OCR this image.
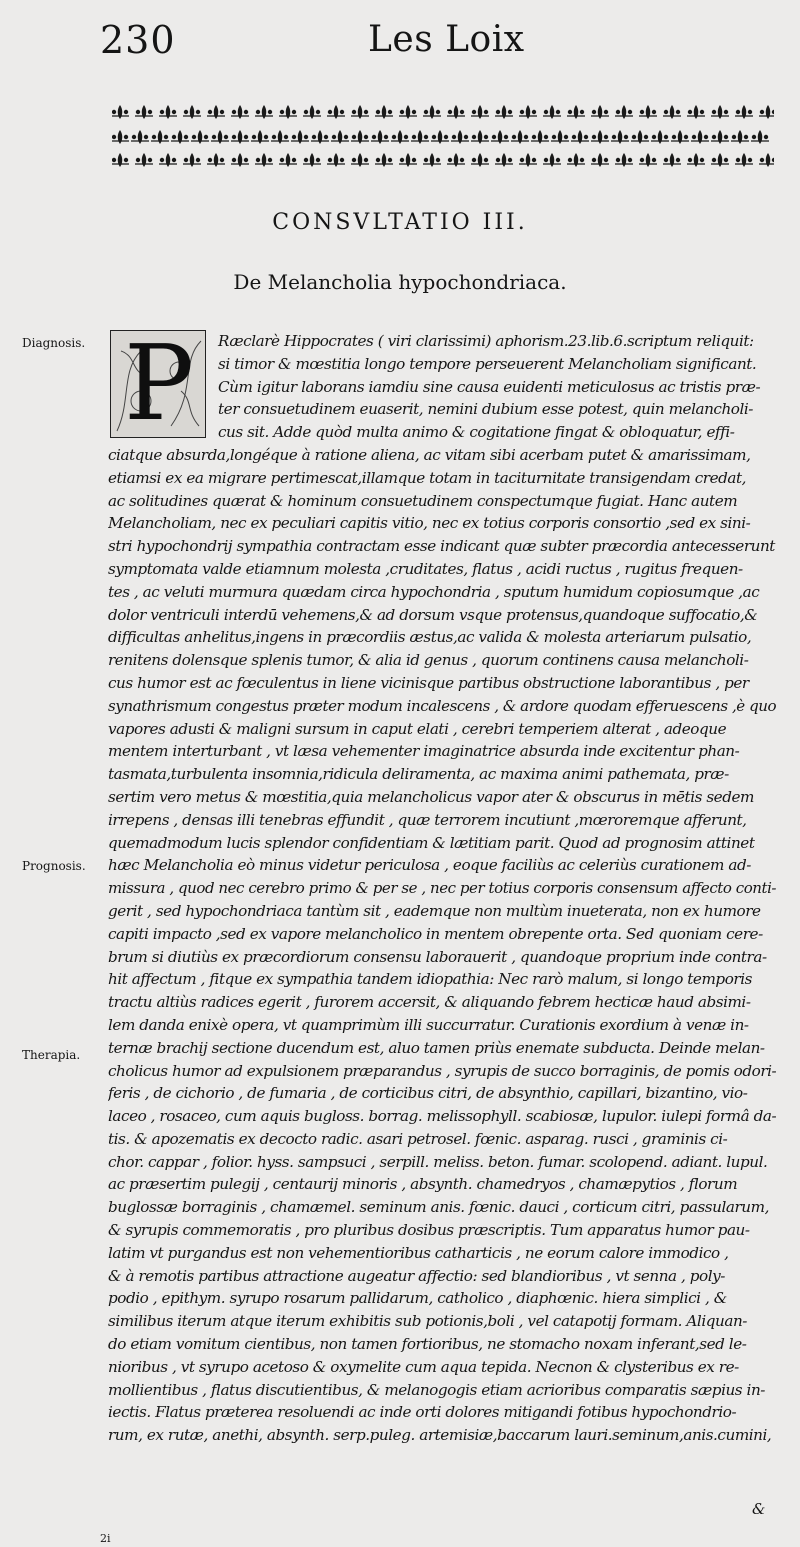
230	Les Loix
CONSVLTATIO III.
De Melancholia hypochondriaca.
Diagnosis.
Prognosis.
Therapia.
P	Ræclarè Hippocrates ( viri clarissimi) aphorism.23.lib.6.scriptum reliquit:
si timor & mœstitia longo tempore perseuerent Melancholiam significant.
Cùm igitur laborans iamdiu sine causa euidenti meticulosus ac tristis præ-
ter consuetudinem euaserit, nemini dubium esse potest, quin melancholi-
cus sit. Adde quòd multa animo & cogitatione fingat & obloquatur, effi-
ciatque absurda,longéque à ratione aliena, ac vitam sibi acerbam putet & amarissimam,
etiamsi ex ea migrare pertimescat,illamque totam in taciturnitate transigendam credat,
ac solitudines quærat & hominum consuetudinem conspectumque fugiat. Hanc autem
Melancholiam, nec ex peculiari capitis vitio, nec ex totius corporis consortio ,sed ex sini-
stri hypochondrij sympathia contractam esse indicant quæ subter præcordia antecesserunt
symptomata valde etiamnum molesta ,cruditates, flatus , acidi ructus , rugitus frequen-
tes , ac veluti murmura quædam circa hypochondria , sputum humidum copiosumque ,ac
dolor ventriculi interdū vehemens,& ad dorsum vsque protensus,quandoque suffocatio,&
difficultas anhelitus,ingens in præcordiis æstus,ac valida & molesta arteriarum pulsatio,
renitens dolensque splenis tumor, & alia id genus , quorum continens causa melancholi-
cus humor est ac fœculentus in liene vicinisque partibus obstructione laborantibus , per
synathrismum congestus præter modum incalescens , & ardore quodam efferuescens ,è quo
vapores adusti & maligni sursum in caput elati , cerebri temperiem alterat , adeoque
mentem interturbant , vt læsa vehementer imaginatrice absurda inde excitentur phan-
tasmata,turbulenta insomnia,ridicula deliramenta, ac maxima animi pathemata, præ-
sertim vero metus & mœstitia,quia melancholicus vapor ater & obscurus in mētis sedem
irrepens , densas illi tenebras effundit , quæ terrorem incutiunt ,mœroremque afferunt,
quemadmodum lucis splendor confidentiam & lætitiam parit. Quod ad prognosim attinet
hæc Melancholia eò minus videtur periculosa , eoque faciliùs ac celeriùs curationem ad-
missura , quod nec cerebro primo & per se , nec per totius corporis consensum affecto conti-
gerit , sed hypochondriaca tantùm sit , eademque non multùm inueterata, non ex humore
capiti impacto ,sed ex vapore melancholico in mentem obrepente orta. Sed quoniam cere-
brum si diutiùs ex præcordiorum consensu laborauerit , quandoque proprium inde contra-
hit affectum , fitque ex sympathia tandem idiopathia: Nec rarò malum, si longo temporis
tractu altiùs radices egerit , furorem accersit, & aliquando febrem hecticæ haud absimi-
lem danda enixè opera, vt quamprimùm illi succurratur. Curationis exordium à venæ in-
ternæ brachij sectione ducendum est, aluo tamen priùs enemate subducta. Deinde melan-
cholicus humor ad expulsionem præparandus , syrupis de succo borraginis, de pomis odori-
feris , de cichorio , de fumaria , de corticibus citri, de absynthio, capillari, bizantino, vio-
laceo , rosaceo, cum aquis bugloss. borrag. melissophyll. scabiosæ, lupulor. iulepi formâ da-
tis. & apozematis ex decocto radic. asari petrosel. fœnic. asparag. rusci , graminis ci-
chor. cappar , folior. hyss. sampsuci , serpill. meliss. beton. fumar. scolopend. adiant. lupul.
ac præsertim pulegij , centaurij minoris , absynth. chamedryos , chamæpytios , florum
buglossæ borraginis , chamæmel. seminum anis. fœnic. dauci , corticum citri, passularum,
& syrupis commemoratis , pro pluribus dosibus præscriptis. Tum apparatus humor pau-
latim vt purgandus est non vehementioribus catharticis , ne eorum calore immodico ,
& à remotis partibus attractione augeatur affectio: sed blandioribus , vt senna , poly-
podio , epithym. syrupo rosarum pallidarum, catholico , diaphœnic. hiera simplici , &
similibus iterum atque iterum exhibitis sub potionis,boli , vel catapotij formam. Aliquan-
do etiam vomitum cientibus, non tamen fortioribus, ne stomacho noxam inferant,sed le-
nioribus , vt syrupo acetoso & oxymelite cum aqua tepida. Necnon & clysteribus ex re-
mollientibus , flatus discutientibus, & melanogogis etiam acrioribus comparatis sæpius in-
iectis. Flatus præterea resoluendi ac inde orti dolores mitigandi fotibus hypochondrio-
rum, ex rutæ, anethi, absynth. serp.puleg. artemisiæ,baccarum lauri.seminum,anis.cumini,
&
2i
